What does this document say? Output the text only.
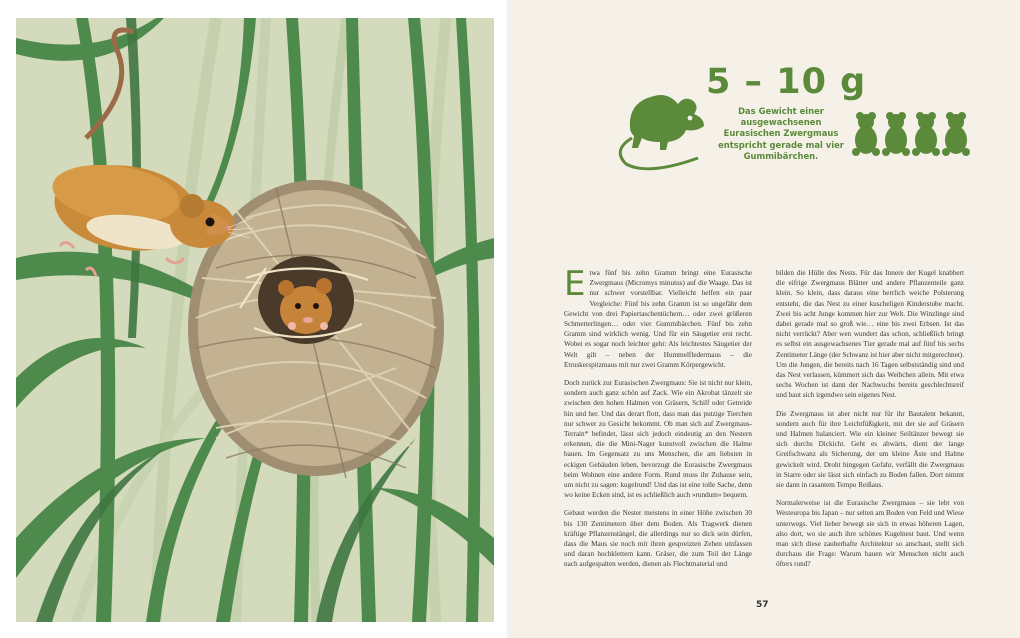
5 – 10 g
Das Gewicht einer ausgewachsenen Eurasischen Zwergmaus entspricht gerade mal vier Gummibärchen.

Etwa fünf bis zehn Gramm bringt eine Eurasische Zwergmaus (Micromys minutus) auf die Waage. Das ist nur schwer vorstellbar. Vielleicht helfen ein paar Vergleiche: Fünf bis zehn Gramm ist so ungefähr dem Gewicht von drei Papiertaschentüchern… oder zwei größeren Schmetterlingen… oder vier Gummibärchen. Fünf bis zehn Gramm sind wirklich wenig. Und für ein Säugetier erst recht. Wobei es sogar noch leichter geht: Als leichtestes Säugetier der Welt gilt – neben der Hummelfledermaus – die Etruskerspitzmaus mit nur zwei Gramm Körpergewicht.

Doch zurück zur Eurasischen Zwergmaus: Sie ist nicht nur klein, sondern auch ganz schön auf Zack. Wie ein Akrobat tänzelt sie zwischen den hohen Halmen von Gräsern, Schilf oder Getreide hin und her. Und das derart flott, dass man das putzige Tierchen nur schwer zu Gesicht bekommt. Ob man sich auf Zwergmaus-Terrain* befindet, lässt sich jedoch eindeutig an den Nestern erkennen, die die Mini-Nager kunstvoll zwischen die Halme bauen. Im Gegensatz zu uns Menschen, die am liebsten in eckigen Gebäuden leben, bevorzugt die Eurasische Zwergmaus beim Wohnen eine andere Form. Rund muss ihr Zuhause sein, um nicht zu sagen: kugelrund! Und das ist eine tolle Sache, denn wo keine Ecken sind, ist es schließlich auch »rundum« bequem.

Gebaut werden die Nester meistens in einer Höhe zwischen 30 bis 130 Zentimetern über dem Boden. Als Tragwerk dienen kräftige Pflanzenstängel, die allerdings nur so dick sein dürfen, dass die Maus sie noch mit ihren gespreizten Zehen umfassen und daran hochklettern kann. Gräser, die zum Teil der Länge nach aufgespalten werden, dienen als Flechtmaterial und

bilden die Hülle des Nests. Für das Innere der Kugel knabbert die eifrige Zwergmaus Blätter und andere Pflanzenteile ganz klein. So klein, dass daraus eine herrlich weiche Polsterung entsteht, die das Nest zu einer kuscheligen Kinderstube macht. Zwei bis acht Junge kommen hier zur Welt. Die Winzlinge sind dabei gerade mal so groß wie… eine bis zwei Erbsen. Ist das nicht verrückt? Aber wen wundert das schon, schließlich bringt es selbst ein ausgewachsenes Tier gerade mal auf fünf bis sechs Zentimeter Länge (der Schwanz ist hier aber nicht mitgerechnet). Um die Jungen, die bereits nach 16 Tagen selbstständig sind und das Nest verlassen, kümmert sich das Weibchen allein. Mit etwa sechs Wochen ist dann der Nachwuchs bereits geschlechtsreif und baut sich irgendwo sein eigenes Nest.

Die Zwergmaus ist aber nicht nur für ihr Bautalent bekannt, sondern auch für ihre Leichtfüßigkeit, mit der sie auf Gräsern und Halmen balanciert. Wie ein kleiner Seiltänzer bewegt sie sich durchs Dickicht. Geht es abwärts, dient der lange Greifschwanz als Sicherung, der um kleine Äste und Halme gewickelt wird. Droht hingegen Gefahr, verfällt die Zwergmaus in Starre oder sie lässt sich einfach zu Boden fallen. Dort nimmt sie dann in rasantem Tempo Reißaus.

Normalerweise ist die Eurasische Zwergmaus – sie lebt von Westeuropa bis Japan – nur selten am Boden von Feld und Wiese unterwegs. Viel lieber bewegt sie sich in etwas höheren Lagen, also dort, wo sie auch ihre schönes Kugelnest baut. Und wenn man sich diese zauberhafte Architektur so anschaut, stellt sich durchaus die Frage: Warum bauen wir Menschen nicht auch öfters rund?

57
